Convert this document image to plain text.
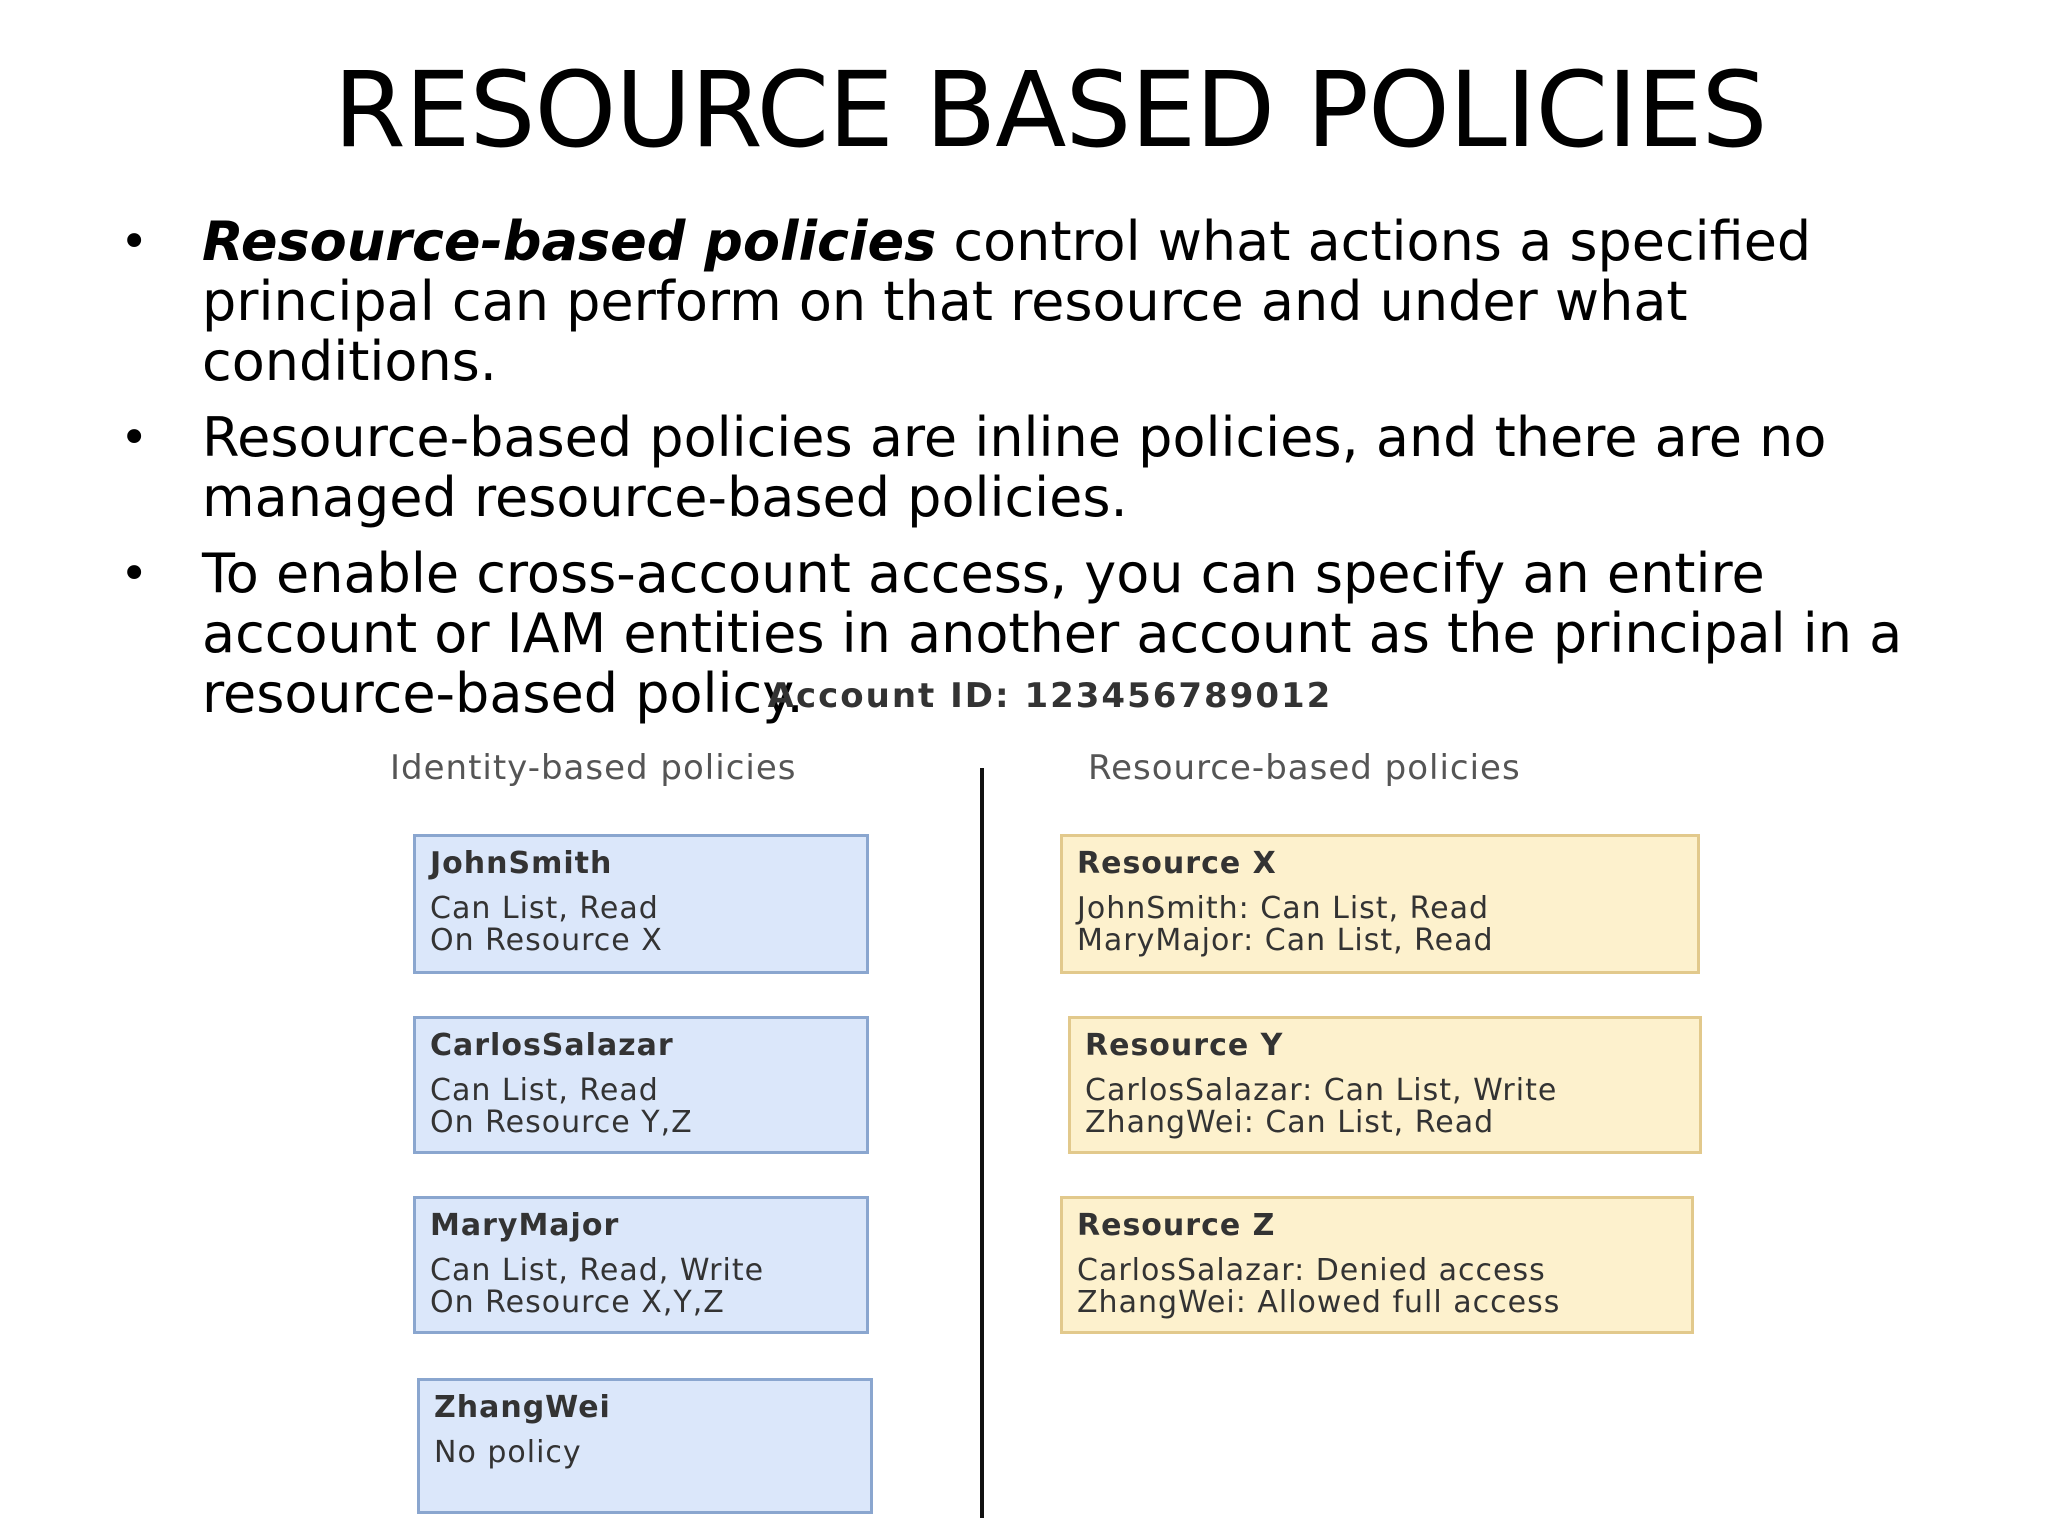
RESOURCE BASED POLICIES
• Resource-based policies control what actions a specified principal can perform on that resource and under what conditions.
• Resource-based policies are inline policies, and there are no managed resource-based policies.
• To enable cross-account access, you can specify an entire account or IAM entities in another account as the principal in a resource-based policy.
Account ID: 123456789012
Identity-based policies	Resource-based policies
JohnSmith
Can List, Read
On Resource X
CarlosSalazar
Can List, Read
On Resource Y,Z
MaryMajor
Can List, Read, Write
On Resource X,Y,Z
ZhangWei
No policy
Resource X
JohnSmith: Can List, Read
MaryMajor: Can List, Read
Resource Y
CarlosSalazar: Can List, Write
ZhangWei: Can List, Read
Resource Z
CarlosSalazar: Denied access
ZhangWei: Allowed full access
